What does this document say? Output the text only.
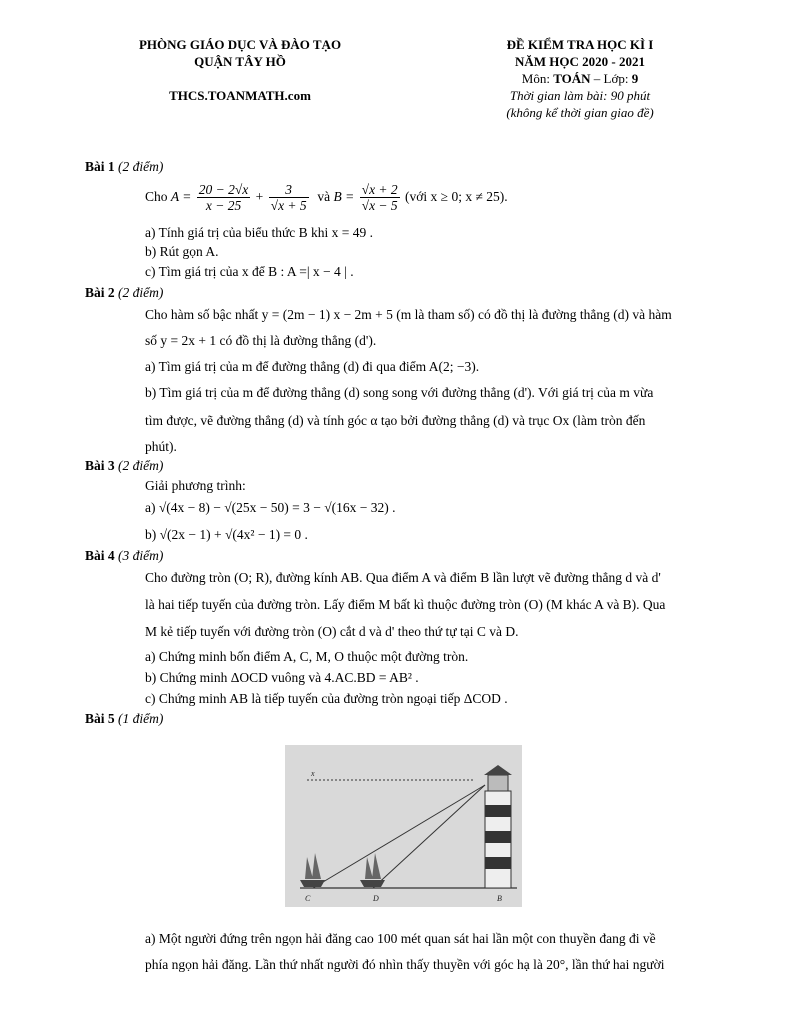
PHÒNG GIÁO DỤC VÀ ĐÀO TẠO
QUẬN TÂY HỒ
THCS.TOANMATH.com
ĐỀ KIỂM TRA HỌC KÌ I
NĂM HỌC 2020 - 2021
Môn: TOÁN – Lớp: 9
Thời gian làm bài: 90 phút
(không kể thời gian giao đề)
Bài 1 (2 điểm)
Cho $A = \frac{20 - 2√x}{x - 25} + \frac{3}{√x + 5}$ và $B = \frac{√x + 2}{√x - 5}$ (với x ≥ 0; x ≠ 25).
a) Tính giá trị của biểu thức B khi x = 49 .
b) Rút gọn A.
c) Tìm giá trị của x để B : A =| x − 4 | .
Bài 2 (2 điểm)
Cho hàm số bậc nhất y = (2m − 1) x − 2m + 5 (m là tham số) có đồ thị là đường thẳng (d) và hàm
số y = 2x + 1 có đồ thị là đường thẳng (d').
a) Tìm giá trị của m để đường thẳng (d) đi qua điểm A(2; −3).
b) Tìm giá trị của m để đường thẳng (d) song song với đường thẳng (d'). Với giá trị của m vừa
tìm được, vẽ đường thẳng (d) và tính góc α tạo bởi đường thẳng (d) và trục Ox (làm tròn đến
phút).
Bài 3 (2 điểm)
Giải phương trình:
a) √(4x − 8) − √(25x − 50) = 3 − √(16x − 32) .
b) √(2x − 1) + √(4x² − 1) = 0 .
Bài 4 (3 điểm)
Cho đường tròn (O; R), đường kính AB. Qua điểm A và điểm B lần lượt vẽ đường thẳng d và d'
là hai tiếp tuyến của đường tròn. Lấy điểm M bất kì thuộc đường tròn (O) (M khác A và B). Qua
M kẻ tiếp tuyến với đường tròn (O) cắt d và d' theo thứ tự tại C và D.
a) Chứng minh bốn điểm A, C, M, O thuộc một đường tròn.
b) Chứng minh ΔOCD vuông và 4.AC.BD = AB² .
c) Chứng minh AB là tiếp tuyến của đường tròn ngoại tiếp ΔCOD .
Bài 5 (1 điểm)
x
C	D	B
a) Một người đứng trên ngọn hải đăng cao 100 mét quan sát hai lần một con thuyền đang đi về
phía ngọn hải đăng. Lần thứ nhất người đó nhìn thấy thuyền với góc hạ là 20°, lần thứ hai người
